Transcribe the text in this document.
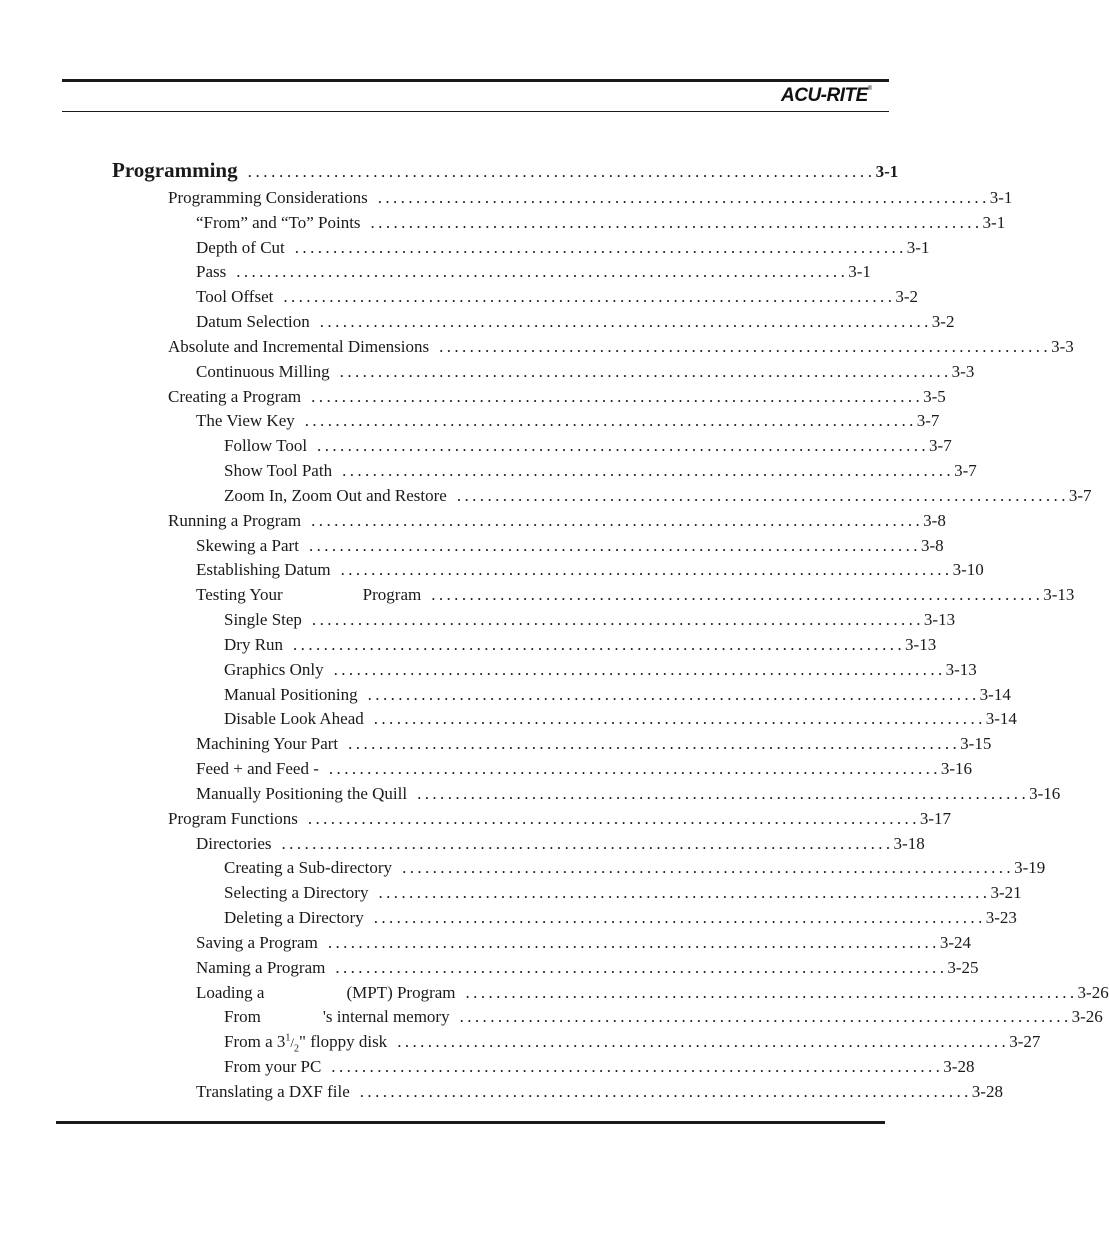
ACU-RITE®
Programming ................................................................................ 3-1
Programming Considerations ................................................................................ 3-1
“From” and “To” Points ................................................................................ 3-1
Depth of Cut ................................................................................ 3-1
Pass ................................................................................ 3-1
Tool Offset ................................................................................ 3-2
Datum Selection ................................................................................ 3-2
Absolute and Incremental Dimensions ................................................................................ 3-3
Continuous Milling ................................................................................ 3-3
Creating a Program ................................................................................ 3-5
The View Key ................................................................................ 3-7
Follow Tool ................................................................................ 3-7
Show Tool Path ................................................................................ 3-7
Zoom In, Zoom Out and Restore ................................................................................ 3-7
Running a Program ................................................................................ 3-8
Skewing a Part ................................................................................ 3-8
Establishing Datum ................................................................................ 3-10
Testing Your	Program ................................................................................ 3-13
Single Step ................................................................................ 3-13
Dry Run ................................................................................ 3-13
Graphics Only ................................................................................ 3-13
Manual Positioning ................................................................................ 3-14
Disable Look Ahead ................................................................................ 3-14
Machining Your Part ................................................................................ 3-15
Feed + and Feed - ................................................................................ 3-16
Manually Positioning the Quill ................................................................................ 3-16
Program Functions ................................................................................ 3-17
Directories ................................................................................ 3-18
Creating a Sub-directory ................................................................................ 3-19
Selecting a Directory ................................................................................ 3-21
Deleting a Directory ................................................................................ 3-23
Saving a Program ................................................................................ 3-24
Naming a Program ................................................................................ 3-25
Loading a	(MPT) Program ................................................................................ 3-26
From	's internal memory ................................................................................ 3-26
From a $3^1/_2$" floppy disk ................................................................................ 3-27
From your PC ................................................................................ 3-28
Translating a DXF file ................................................................................ 3-28
